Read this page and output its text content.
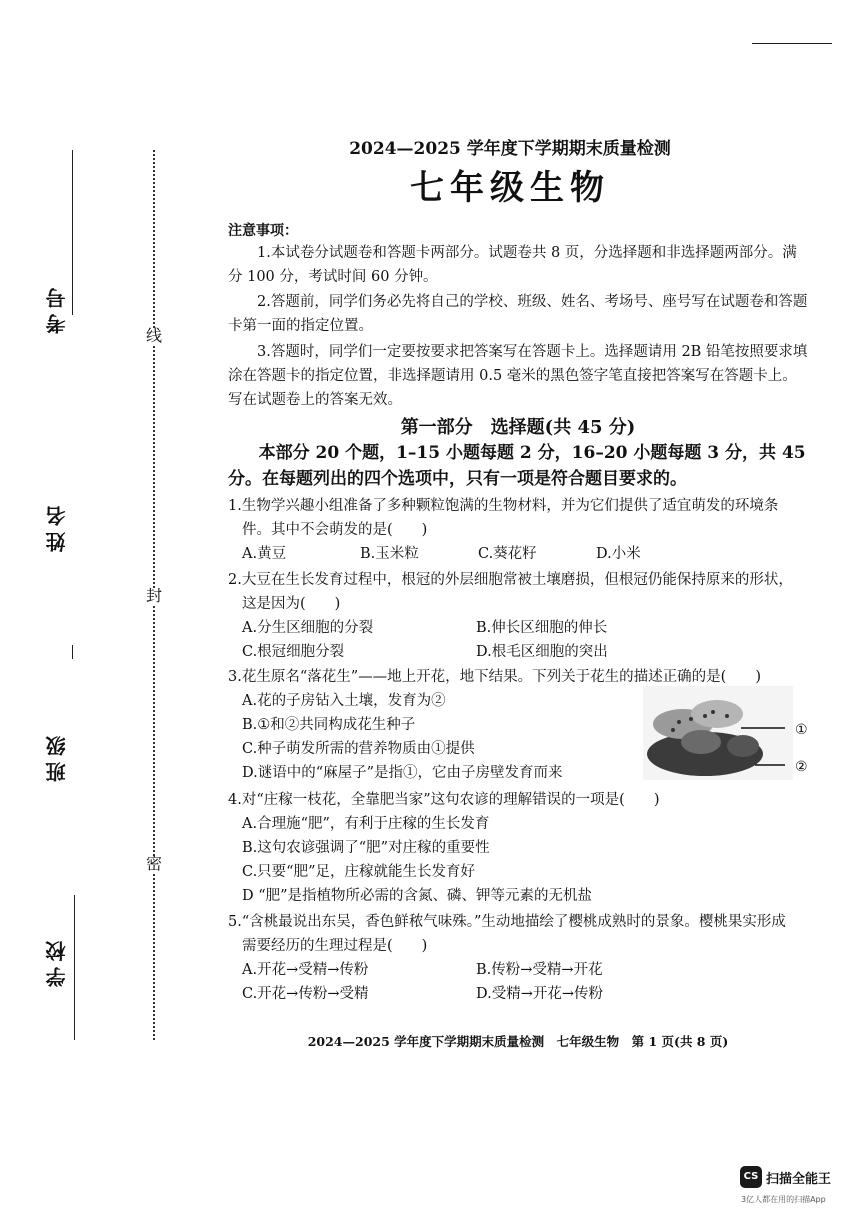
线
封
密
考号
姓名
班级
学校
2024—2025 学年度下学期期末质量检测
七年级生物
注意事项：
1.本试卷分试题卷和答题卡两部分。试题卷共 8 页，分选择题和非选择题两部分。满分 100 分，考试时间 60 分钟。
2.答题前，同学们务必先将自己的学校、班级、姓名、考场号、座号写在试题卷和答题卡第一面的指定位置。
3.答题时，同学们一定要按要求把答案写在答题卡上。选择题请用 2B 铅笔按照要求填涂在答题卡的指定位置，非选择题请用 0.5 毫米的黑色签字笔直接把答案写在答题卡上。写在试题卷上的答案无效。
第一部分　选择题(共 45 分)
本部分 20 个题，1–15 小题每题 2 分，16–20 小题每题 3 分，共 45 分。在每题列出的四个选项中，只有一项是符合题目要求的。
1.生物学兴趣小组准备了多种颗粒饱满的生物材料，并为它们提供了适宜萌发的环境条
件。其中不会萌发的是(　　)
A.黄豆	B.玉米粒	C.葵花籽	D.小米
2.大豆在生长发育过程中，根冠的外层细胞常被土壤磨损，但根冠仍能保持原来的形状，
这是因为(　　)
A.分生区细胞的分裂	B.伸长区细胞的伸长
C.根冠细胞分裂	D.根毛区细胞的突出
3.花生原名“落花生”——地上开花，地下结果。下列关于花生的描述正确的是(　　)
A.花的子房钻入土壤，发育为②
B.①和②共同构成花生种子
C.种子萌发所需的营养物质由①提供
D.谜语中的“麻屋子”是指①，它由子房壁发育而来
①
②
4.对“庄稼一枝花，全靠肥当家”这句农谚的理解错误的一项是(　　)
A.合理施“肥”，有利于庄稼的生长发育
B.这句农谚强调了“肥”对庄稼的重要性
C.只要“肥”足，庄稼就能生长发育好
D “肥”是指植物所必需的含氮、磷、钾等元素的无机盐
5.“含桃最说出东吴，香色鲜秾气味殊。”生动地描绘了樱桃成熟时的景象。樱桃果实形成
需要经历的生理过程是(　　)
A.开花→受精→传粉	B.传粉→受精→开花
C.开花→传粉→受精	D.受精→开花→传粉
2024—2025 学年度下学期期末质量检测　七年级生物　第 1 页(共 8 页)
CS 扫描全能王
3亿人都在用的扫描App
